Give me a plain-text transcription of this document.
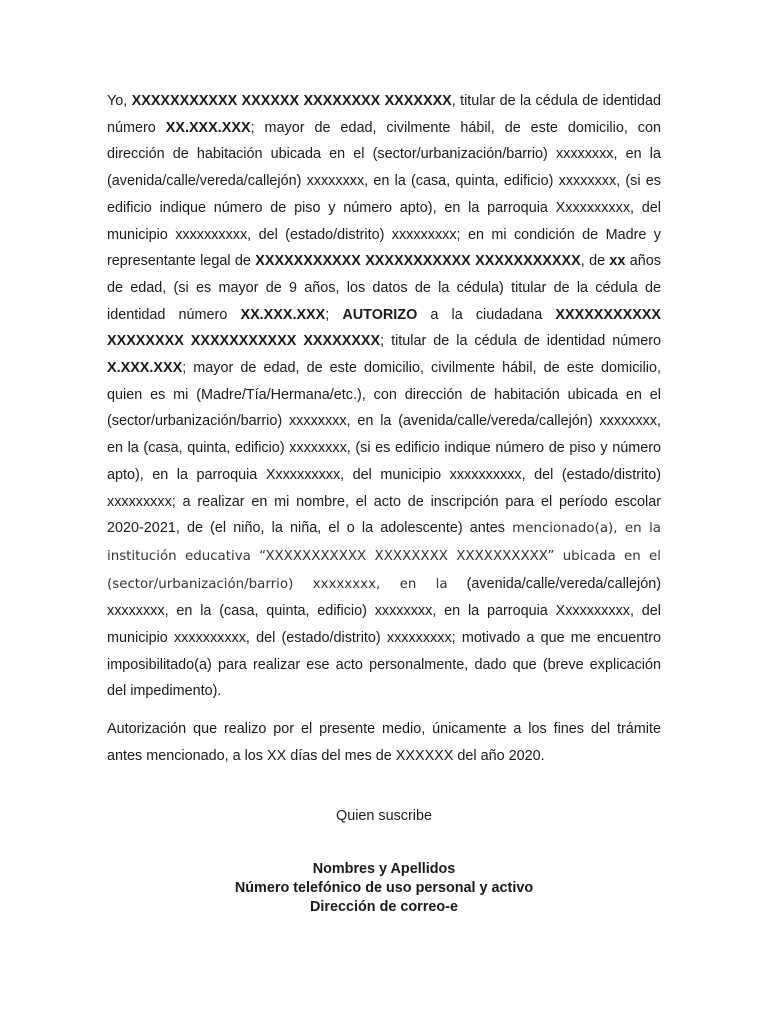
Yo, XXXXXXXXXXX XXXXXX XXXXXXXX XXXXXXX, titular de la cédula de identidad número XX.XXX.XXX; mayor de edad, civilmente hábil, de este domicilio, con dirección de habitación ubicada en el (sector/urbanización/barrio) xxxxxxxx, en la (avenida/calle/vereda/callejón) xxxxxxxx, en la (casa, quinta, edificio) xxxxxxxx, (si es edificio indique número de piso y número apto), en la parroquia Xxxxxxxxxx, del municipio xxxxxxxxxx, del (estado/distrito) xxxxxxxxx; en mi condición de Madre y representante legal de XXXXXXXXXXX XXXXXXXXXXX XXXXXXXXXXX, de xx años de edad, (si es mayor de 9 años, los datos de la cédula) titular de la cédula de identidad número XX.XXX.XXX; AUTORIZO a la ciudadana XXXXXXXXXXX XXXXXXXX XXXXXXXXXXX XXXXXXXX; titular de la cédula de identidad número X.XXX.XXX; mayor de edad, de este domicilio, civilmente hábil, de este domicilio, quien es mi (Madre/Tía/Hermana/etc.), con dirección de habitación ubicada en el (sector/urbanización/barrio) xxxxxxxx, en la (avenida/calle/vereda/callejón) xxxxxxxx, en la (casa, quinta, edificio) xxxxxxxx, (si es edificio indique número de piso y número apto), en la parroquia Xxxxxxxxxx, del municipio xxxxxxxxxx, del (estado/distrito) xxxxxxxxx; a realizar en mi nombre, el acto de inscripción para el período escolar 2020-2021, de (el niño, la niña, el o la adolescente) antes mencionado(a), en la institución educativa “XXXXXXXXXXX XXXXXXXX XXXXXXXXXX” ubicada en el (sector/urbanización/barrio) xxxxxxxx, en la (avenida/calle/vereda/callejón) xxxxxxxx, en la (casa, quinta, edificio) xxxxxxxx, en la parroquia Xxxxxxxxxx, del municipio xxxxxxxxxx, del (estado/distrito) xxxxxxxxx; motivado a que me encuentro imposibilitado(a) para realizar ese acto personalmente, dado que (breve explicación del impedimento).

Autorización que realizo por el presente medio, únicamente a los fines del trámite antes mencionado, a los XX días del mes de XXXXXX del año 2020.

Quien suscribe
Nombres y Apellidos
Número telefónico de uso personal y activo
Dirección de correo-e
